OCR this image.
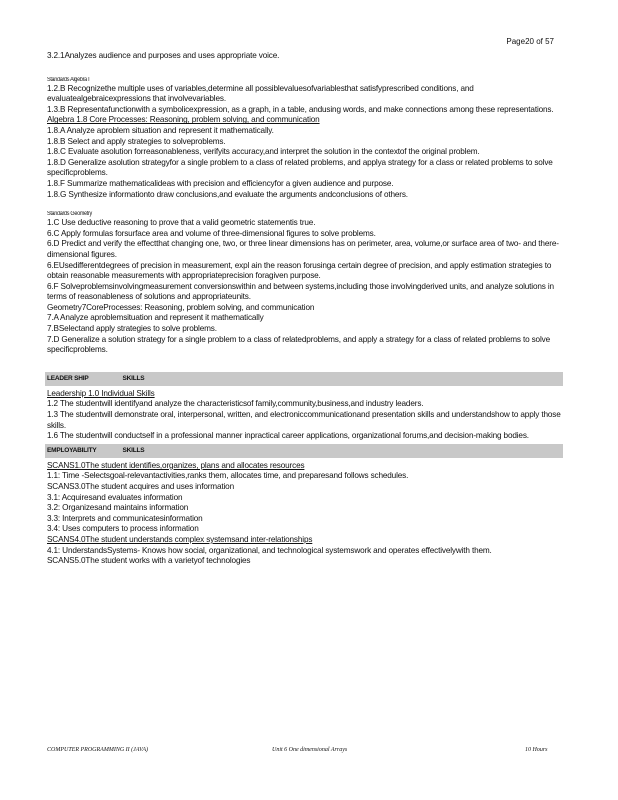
Page20 of 57

3.2.1Analyzes audience and purposes and uses appropriate voice.

Standards Algebra I

1.2.B Recognizethe multiple uses of variables,determine all possiblevaluesofvariablesthat satisfyprescribed conditions, and evaluatealgebraicexpressions that involvevariables.

1.3.B Representafunctionwith a symbolicexpression, as a graph, in a table, andusing words, and make connections among these representations.

Algebra 1.8 Core Processes: Reasoning, problem solving, and communication

1.8.A Analyze aproblem situation and represent it mathematically.

1.8.B Select and apply strategies to solveproblems.

1.8.C Evaluate asolution forreasonableness, verifyits accuracy,and interpret the solution in the contextof the original problem.

1.8.D Generalize asolution strategyfor a single problem to a class of related problems, and applya strategy for a class or related problems to solve specificproblems.

1.8.F Summarize mathematicalideas with precision and efficiencyfor a given audience and purpose.

1.8.G Synthesize informationto draw conclusions,and evaluate the arguments andconclusions of others.

Standards Geometry

1.C Use deductive reasoning to prove that a valid geometric statementis true.

6.C Apply formulas forsurface area and volume of three-dimensional figures to solve problems.

6.D Predict and verify the effectthat changing one, two, or three linear dimensions has on perimeter, area, volume,or surface area of two- and there- dimensional figures.

6.EUsedifferentdegrees of precision in measurement, expl ain the reason forusinga certain degree of precision, and apply estimation strategies to obtain reasonable measurements with appropriateprecision foragiven purpose.

6.F Solveproblemsinvolvingmeasurement conversionswithin and between systems,including those involvingderived units, and analyze solutions in terms of reasonableness of solutions and appropriateunits.

Geometry7CoreProcesses: Reasoning, problem solving, and communication

7.A Analyze aproblemsituation and represent it mathematically

7.BSelectand apply strategies to solve problems.

7.D Generalize a solution strategy for a single problem to a class of relatedproblems, and apply a strategy for a class of related problems to solve specificproblems.

LEADER SHIP	SKILLS

Leadership 1.0 Individual Skills

1.2 The studentwill identifyand analyze the characteristicsof family,community,business,and industry leaders.

1.3 The studentwill demonstrate oral, interpersonal, written, and electroniccommunicationand presentation skills and understandshow to apply those skills.

1.6 The studentwill conductself in a professional manner inpractical career applications, organizational forums,and decision-making bodies.

EMPLOYABILITY	SKILLS

SCANS1.0The student identifies,organizes, plans and allocates resources

1.1: Time -Selectsgoal-relevantactivities,ranks them, allocates time, and preparesand follows schedules.

SCANS3.0The student acquires and uses information

3.1: Acquiresand evaluates information

3.2: Organizesand maintains information

3.3: Interprets and communicatesinformation

3.4: Uses computers to process information

SCANS4.0The student understands complex systemsand inter-relationships

4.1: UnderstandsSystems- Knows how social, organizational, and technological systemswork and operates effectivelywith them.

SCANS5.0The student works with a varietyof technologies

COMPUTER PROGRAMMING II (JAVA)	Unit 6 One dimensional Arrays	10 Hours
